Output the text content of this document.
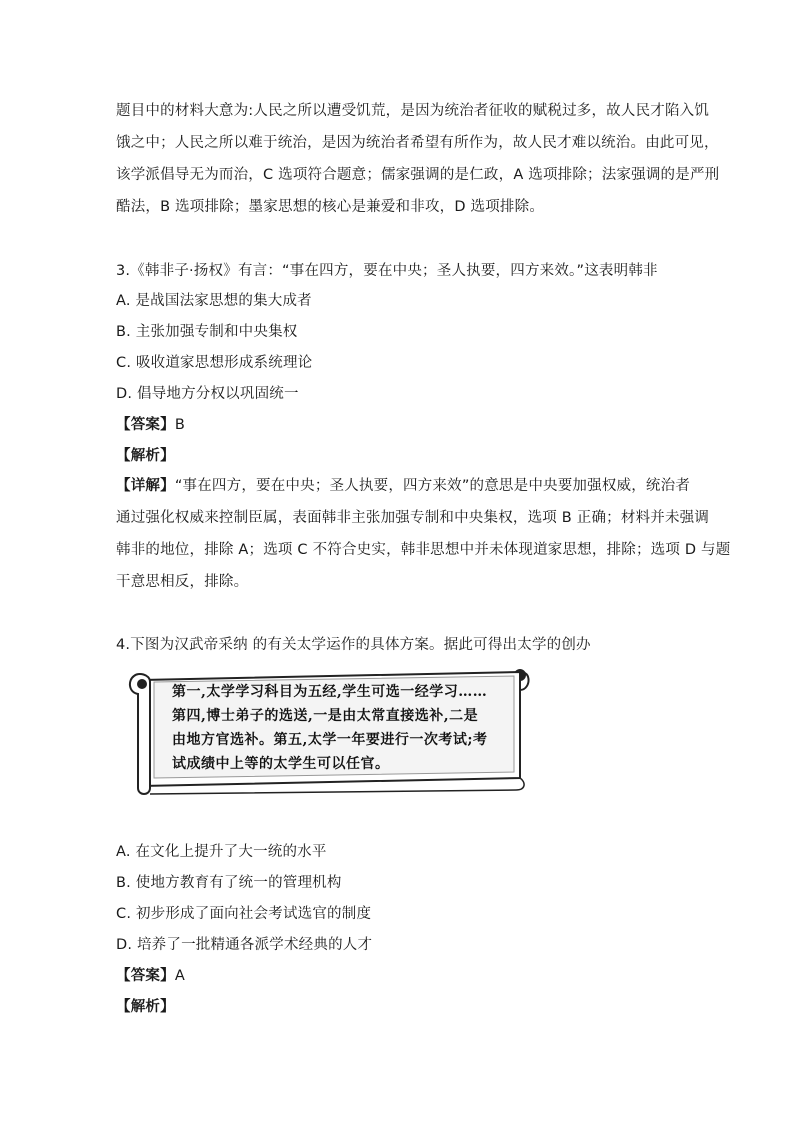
题目中的材料大意为:人民之所以遭受饥荒，是因为统治者征收的赋税过多，故人民才陷入饥
饿之中；人民之所以难于统治，是因为统治者希望有所作为，故人民才难以统治。由此可见，
该学派倡导无为而治，C 选项符合题意；儒家强调的是仁政，A 选项排除；法家强调的是严刑
酷法，B 选项排除；墨家思想的核心是兼爱和非攻，D 选项排除。
3.《韩非子·扬权》有言：“事在四方，要在中央；圣人执要，四方来效。”这表明韩非
A. 是战国法家思想的集大成者
B. 主张加强专制和中央集权
C. 吸收道家思想形成系统理论
D. 倡导地方分权以巩固统一
【答案】B
【解析】
【详解】“事在四方，要在中央；圣人执要，四方来效”的意思是中央要加强权威，统治者
通过强化权威来控制臣属，表面韩非主张加强专制和中央集权，选项 B 正确；材料并未强调
韩非的地位，排除 A；选项 C 不符合史实，韩非思想中并未体现道家思想，排除；选项 D 与题
干意思相反，排除。
4.下图为汉武帝采纳 的有关太学运作的具体方案。据此可得出太学的创办
第一,太学学习科目为五经,学生可选一经学习……
第四,博士弟子的选送,一是由太常直接选补,二是
由地方官选补。第五,太学一年要进行一次考试;考
试成绩中上等的太学生可以任官。
A. 在文化上提升了大一统的水平
B. 使地方教育有了统一的管理机构
C. 初步形成了面向社会考试选官的制度
D. 培养了一批精通各派学术经典的人才
【答案】A
【解析】
